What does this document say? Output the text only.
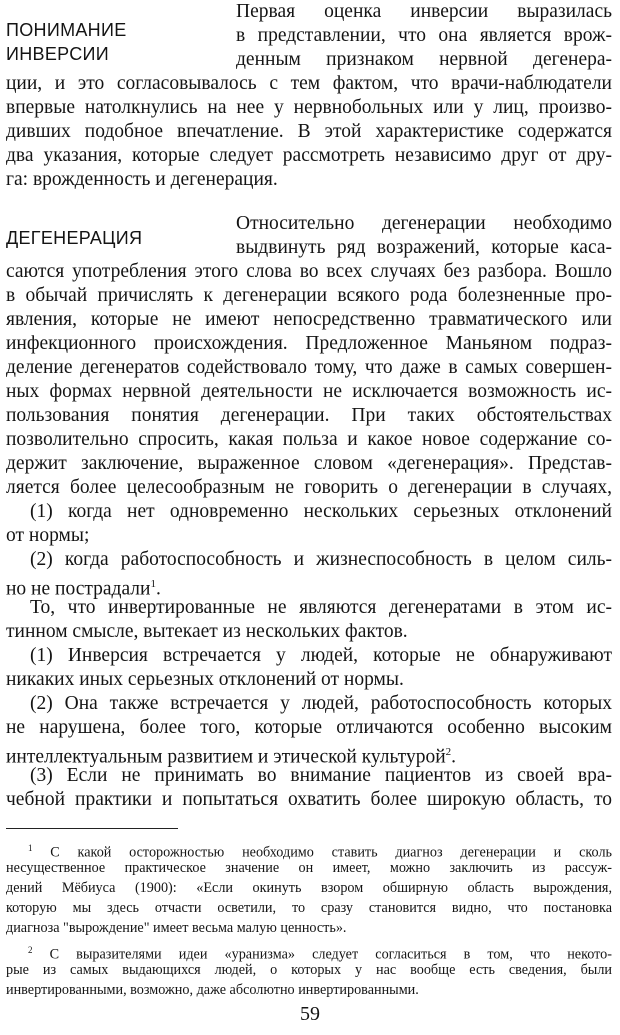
ПОНИМАНИЕ
ИНВЕРСИИ
Первая оценка инверсии выразилась
в представлении, что она является врож-
денным признаком нервной дегенера-
ции, и это согласовывалось с тем фактом, что врачи-наблюдатели
впервые натолкнулись на нее у нервнобольных или у лиц, произво-
дивших подобное впечатление. В этой характеристике содержатся
два указания, которые следует рассмотреть независимо друг от дру-
га: врожденность и дегенерация.
ДЕГЕНЕРАЦИЯ
Относительно дегенерации необходимо
выдвинуть ряд возражений, которые каса-
саются употребления этого слова во всех случаях без разбора. Вошло
в обычай причислять к дегенерации всякого рода болезненные про-
явления, которые не имеют непосредственно травматического или
инфекционного происхождения. Предложенное Маньяном подраз-
деление дегенератов содействовало тому, что даже в самых совершен-
ных формах нервной деятельности не исключается возможность ис-
пользования понятия дегенерации. При таких обстоятельствах
позволительно спросить, какая польза и какое новое содержание со-
держит заключение, выраженное словом «дегенерация». Представ-
ляется более целесообразным не говорить о дегенерации в случаях,
(1) когда нет одновременно нескольких серьезных отклонений
от нормы;
(2) когда работоспособность и жизнеспособность в целом силь-
но не пострадали$^1$.
То, что инвертированные не являются дегенератами в этом ис-
тинном смысле, вытекает из нескольких фактов.
(1) Инверсия встречается у людей, которые не обнаруживают
никаких иных серьезных отклонений от нормы.
(2) Она также встречается у людей, работоспособность которых
не нарушена, более того, которые отличаются особенно высоким
интеллектуальным развитием и этической культурой$^2$.
(3) Если не принимать во внимание пациентов из своей вра-
чебной практики и попытаться охватить более широкую область, то
$^1$ С какой осторожностью необходимо ставить диагноз дегенерации и сколь
несущественное практическое значение он имеет, можно заключить из рассуж-
дений Мёбиуса (1900): «Если окинуть взором обширную область вырождения,
которую мы здесь отчасти осветили, то сразу становится видно, что постановка
диагноза "вырождение" имеет весьма малую ценность».
$^2$ С выразителями идеи «уранизма» следует согласиться в том, что некото-
рые из самых выдающихся людей, о которых у нас вообще есть сведения, были
инвертированными, возможно, даже абсолютно инвертированными.
59
